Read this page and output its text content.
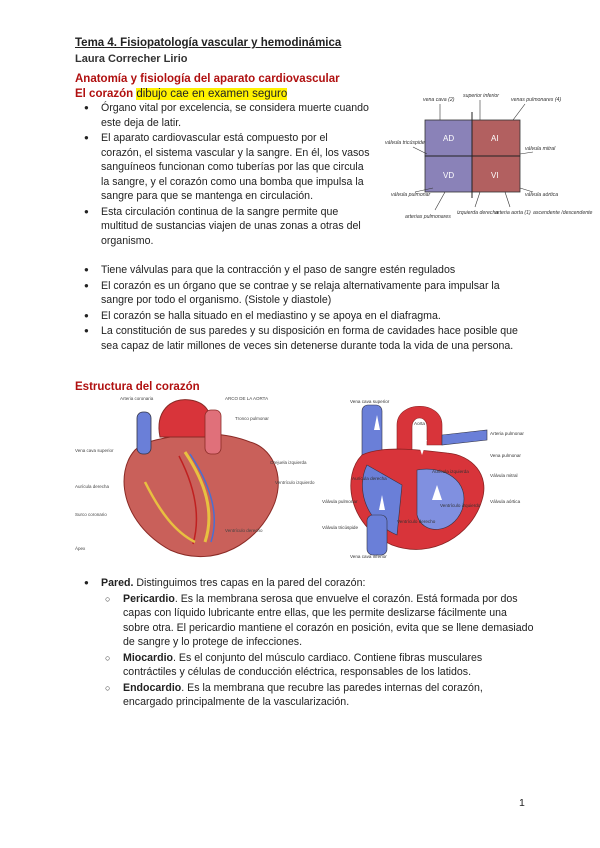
Tema 4. Fisiopatología vascular y hemodinámica
Laura Correcher Lirio
Anatomía y fisiología del aparato cardiovascular
El corazón dibujo cae en examen seguro
● Órgano vital por excelencia, se considera muerte cuando este deja de latir.
● El aparato cardiovascular está compuesto por el corazón, el sistema vascular y la sangre. En él, los vasos sanguíneos funcionan como tuberías por las que circula la sangre, y el corazón como una bomba que impulsa la sangre para que se mantenga en circulación.
● Esta circulación continua de la sangre permite que multitud de sustancias viajen de unas zonas a otras del organismo.
● Tiene válvulas para que la contracción y el paso de sangre estén regulados
● El corazón es un órgano que se contrae y se relaja alternativamente para impulsar la sangre por todo el organismo. (Sistole y diastole)
● El corazón se halla situado en el mediastino y se apoya en el diafragma.
● La constitución de sus paredes y su disposición en forma de cavidades hace posible que sea capaz de latir millones de veces sin detenerse durante toda la vida de una persona.
AD	AI
VD	VI
vena cava (2)
superior inferior
venas pulmonares (4)
válvula tricúspide
válvula mitral
válvula pulmonar	válvula aórtica
arterias pulmonares
izquierda derecha
arteria aorta (1) ascendente /descendente
Estructura del corazón
Arteria coronaria
Vena cava superior
ARCO DE LA AORTA
Tronco pulmonar
Orejuela izquierda
Aurícula derecha
Ventrículo izquierdo
Surco coronario
Ventrículo derecho
Ápex
Vena cava superior
Aorta
Arteria pulmonar
Vena pulmonar
Aurícula izquierda
Válvula mitral
Válvula aórtica
Ventrículo izquierdo
Ventrículo derecho
Válvula pulmonar
Válvula tricúspide
Aurícula derecha
Vena cava inferior
● Pared. Distinguimos tres capas en la pared del corazón:
○ Pericardio. Es la membrana serosa que envuelve el corazón. Está formada por dos capas con líquido lubricante entre ellas, que les permite deslizarse fácilmente una sobre otra. El pericardio mantiene el corazón en posición, evita que se llene demasiado de sangre y lo protege de infecciones.
○ Miocardio. Es el conjunto del músculo cardiaco. Contiene fibras musculares contráctiles y células de conducción eléctrica, responsables de los latidos.
○ Endocardio. Es la membrana que recubre las paredes internas del corazón, encargado principalmente de la vascularización.
1
